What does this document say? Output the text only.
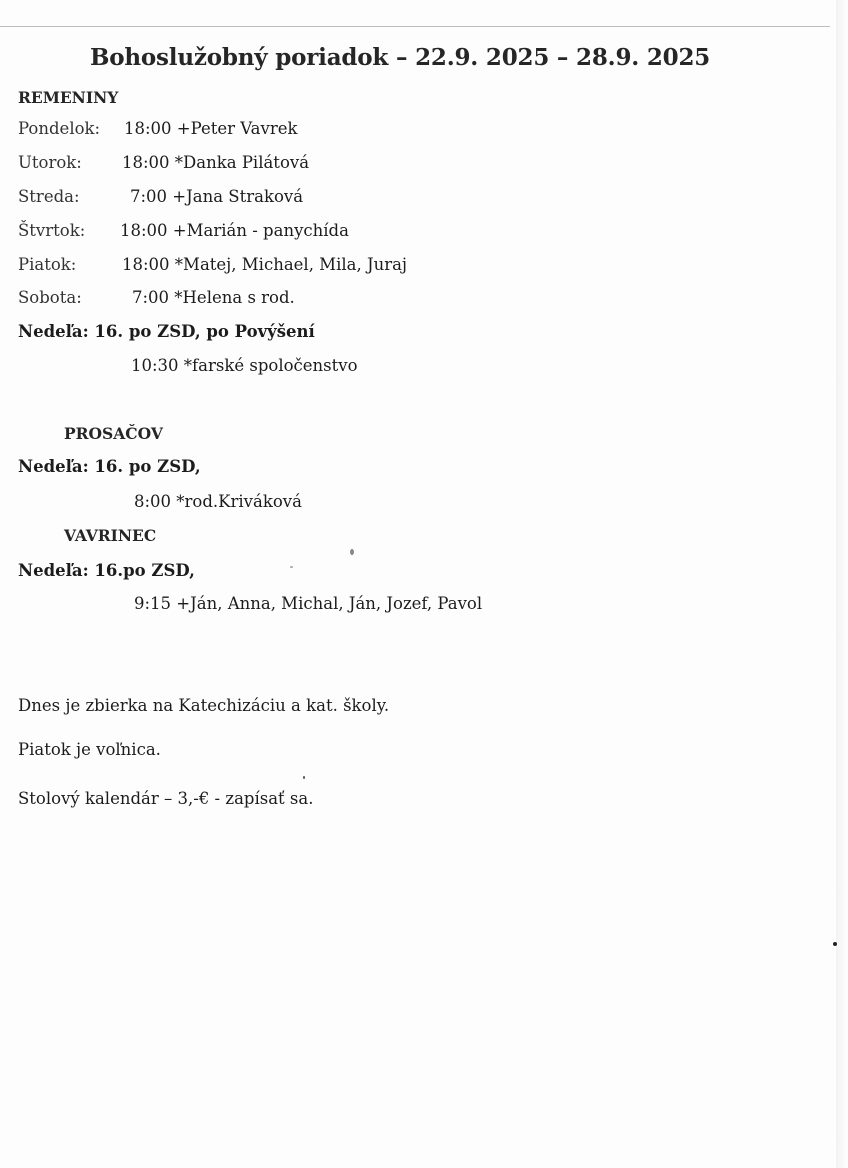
Bohoslužobný poriadok – 22.9. 2025 – 28.9. 2025
REMENINY
Pondelok: 18:00 +Peter Vavrek
Utorok: 18:00 *Danka Pilátová
Streda:	7:00 +Jana Straková
Štvrtok: 18:00 +Marián - panychída
Piatok:	18:00 *Matej, Michael, Mila, Juraj
Sobota:	7:00 *Helena s rod.
Nedeľa: 16. po ZSD, po Povýšení
10:30 *farské spoločenstvo
PROSAČOV
Nedeľa: 16. po ZSD,
8:00 *rod.Kriváková
VAVRINEC
Nedeľa: 16.po ZSD,
9:15 +Ján, Anna, Michal, Ján, Jozef, Pavol
Dnes je zbierka na Katechizáciu a kat. školy.
Piatok je voľnica.
Stolový kalendár – 3,-€ - zapísať sa.
